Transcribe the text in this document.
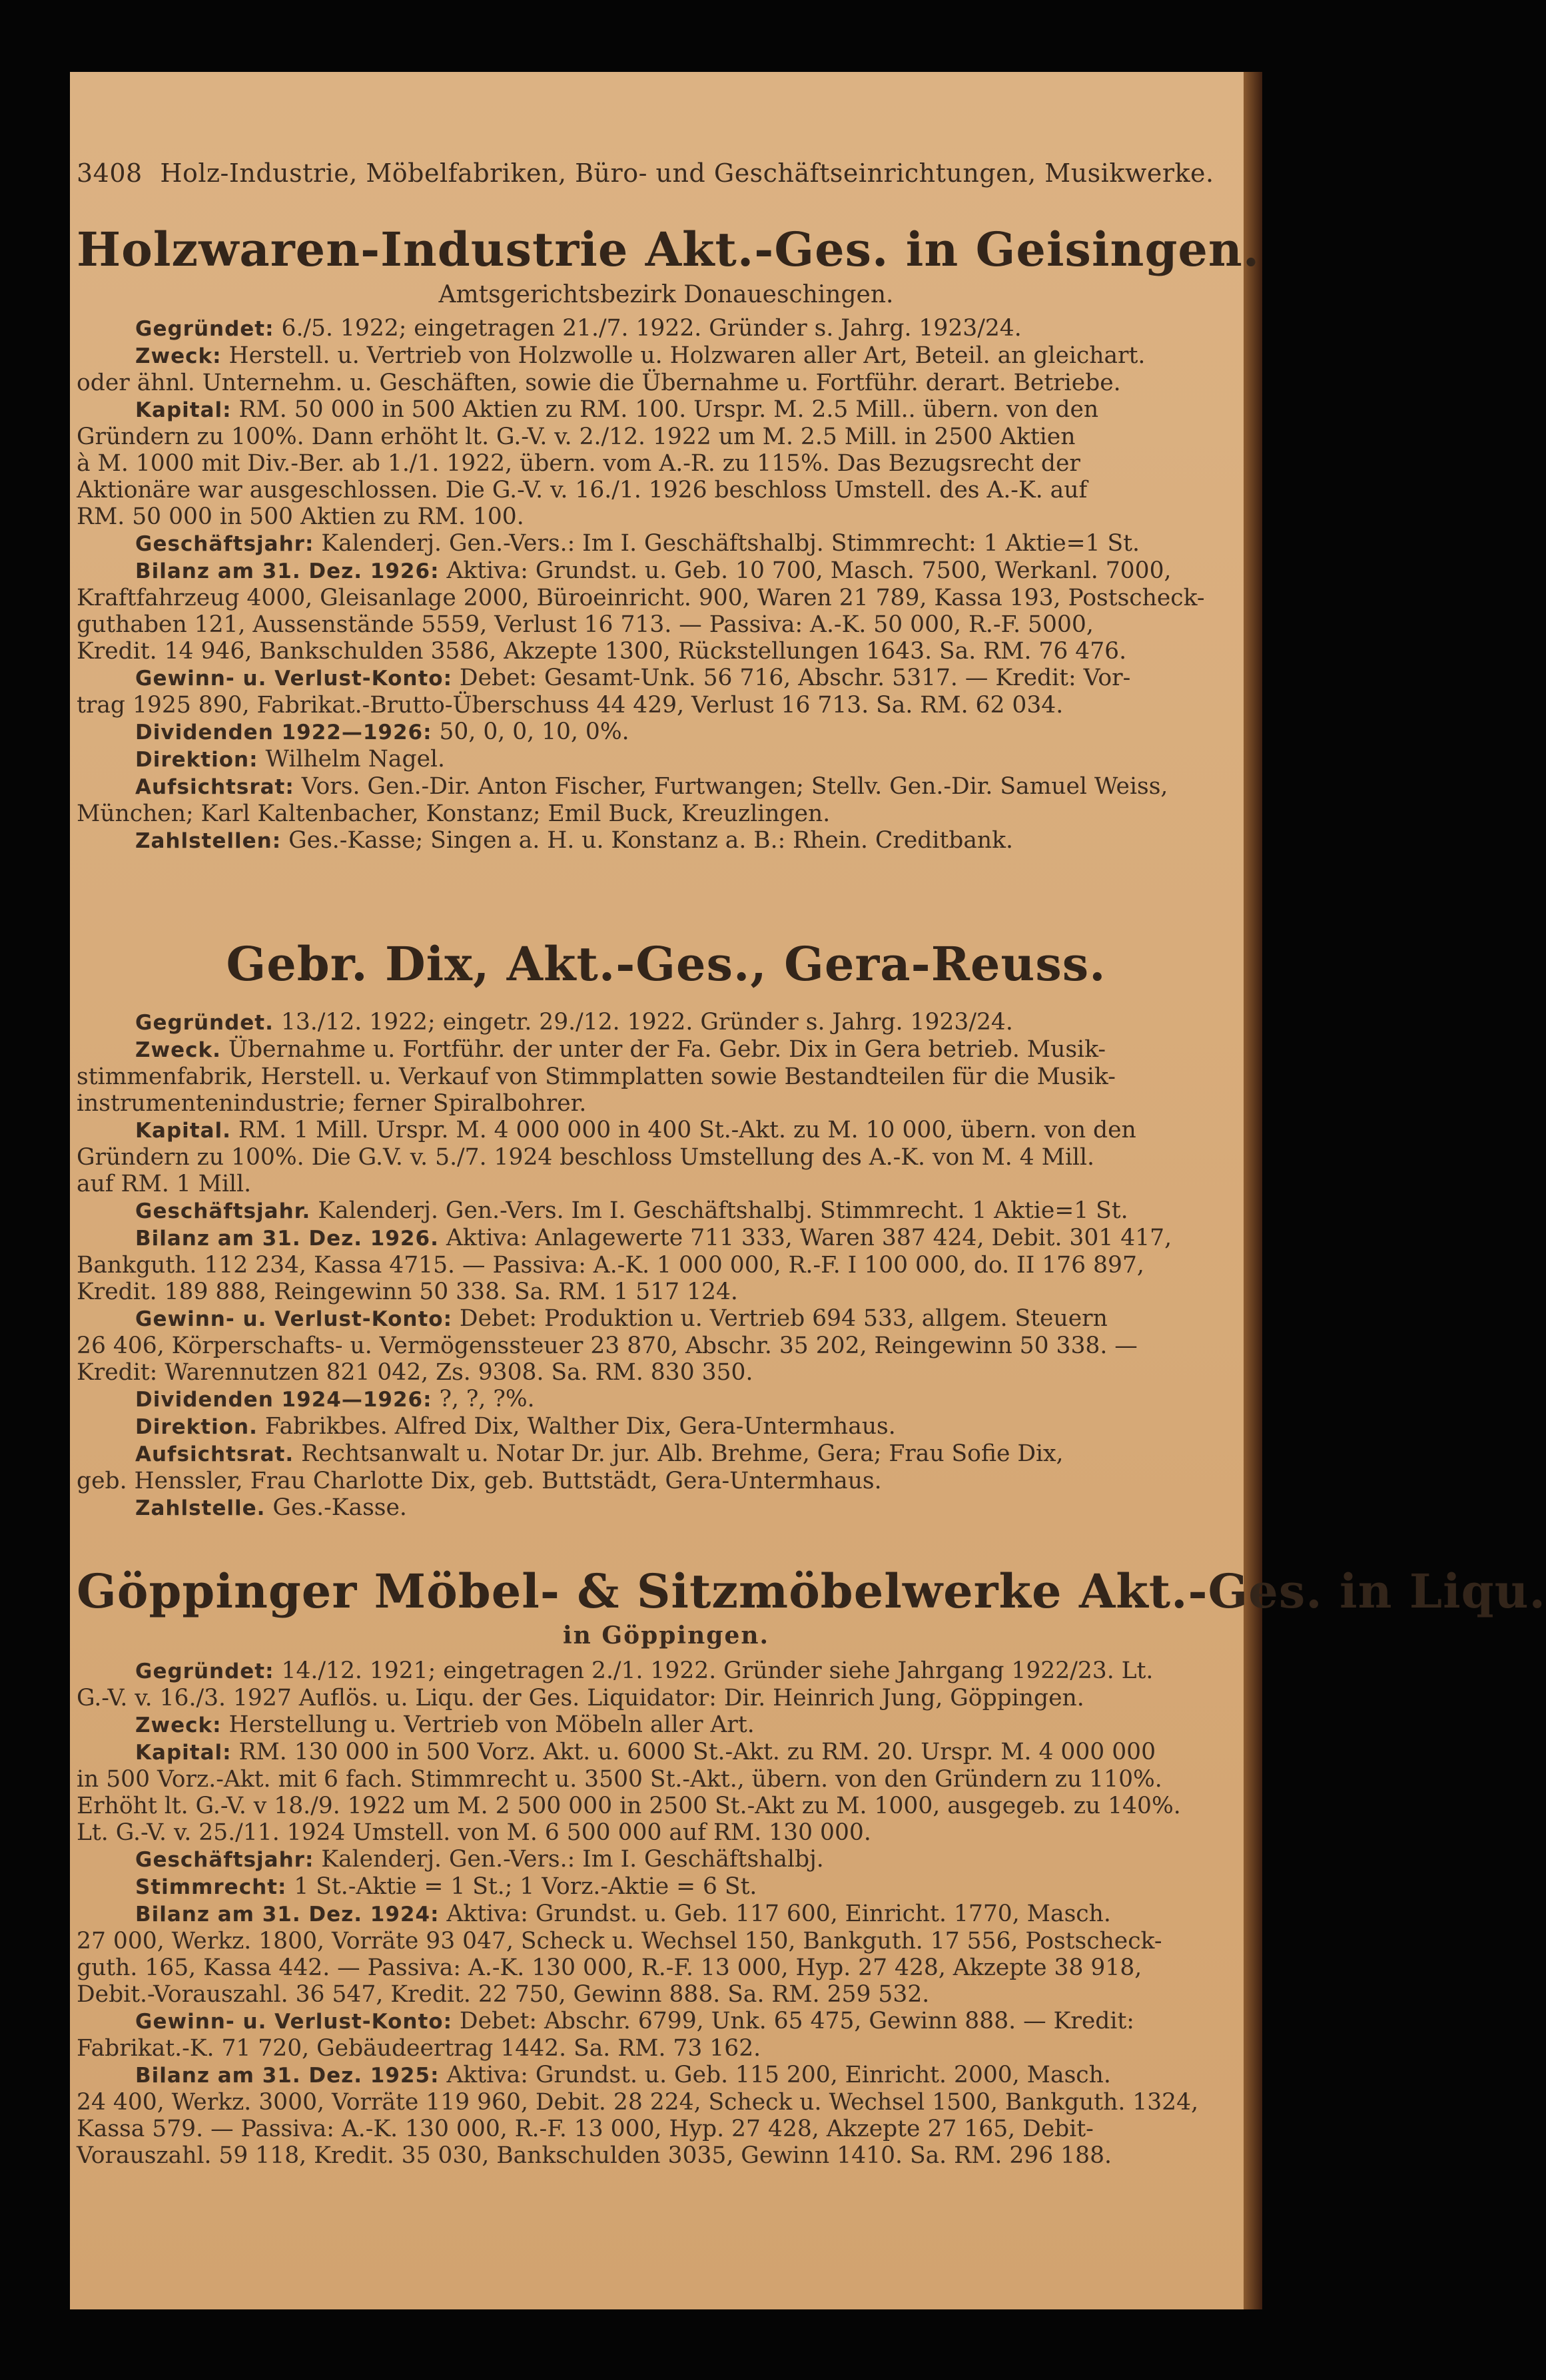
3408 Holz-Industrie, Möbelfabriken, Büro- und Geschäftseinrichtungen, Musikwerke.
Holzwaren-Industrie Akt.-Ges. in Geisingen.

Amtsgerichtsbezirk Donaueschingen.

Gegründet: 6./5. 1922; eingetragen 21./7. 1922. Gründer s. Jahrg. 1923/24.

Zweck: Herstell. u. Vertrieb von Holzwolle u. Holzwaren aller Art, Beteil. an gleichart.

oder ähnl. Unternehm. u. Geschäften, sowie die Übernahme u. Fortführ. derart. Betriebe.

Kapital: RM. 50 000 in 500 Aktien zu RM. 100. Urspr. M. 2.5 Mill.. übern. von den

Gründern zu 100%. Dann erhöht lt. G.-V. v. 2./12. 1922 um M. 2.5 Mill. in 2500 Aktien

à M. 1000 mit Div.-Ber. ab 1./1. 1922, übern. vom A.-R. zu 115%. Das Bezugsrecht der

Aktionäre war ausgeschlossen. Die G.-V. v. 16./1. 1926 beschloss Umstell. des A.-K. auf

RM. 50 000 in 500 Aktien zu RM. 100.

Geschäftsjahr: Kalenderj. Gen.-Vers.: Im I. Geschäftshalbj. Stimmrecht: 1 Aktie=1 St.

Bilanz am 31. Dez. 1926: Aktiva: Grundst. u. Geb. 10 700, Masch. 7500, Werkanl. 7000,

Kraftfahrzeug 4000, Gleisanlage 2000, Büroeinricht. 900, Waren 21 789, Kassa 193, Postscheck-

guthaben 121, Aussenstände 5559, Verlust 16 713. — Passiva: A.-K. 50 000, R.-F. 5000,

Kredit. 14 946, Bankschulden 3586, Akzepte 1300, Rückstellungen 1643. Sa. RM. 76 476.

Gewinn- u. Verlust-Konto: Debet: Gesamt-Unk. 56 716, Abschr. 5317. — Kredit: Vor-

trag 1925 890, Fabrikat.-Brutto-Überschuss 44 429, Verlust 16 713. Sa. RM. 62 034.

Dividenden 1922—1926: 50, 0, 0, 10, 0%.

Direktion: Wilhelm Nagel.

Aufsichtsrat: Vors. Gen.-Dir. Anton Fischer, Furtwangen; Stellv. Gen.-Dir. Samuel Weiss,

München; Karl Kaltenbacher, Konstanz; Emil Buck, Kreuzlingen.

Zahlstellen: Ges.-Kasse; Singen a. H. u. Konstanz a. B.: Rhein. Creditbank.

Gebr. Dix, Akt.-Ges., Gera-Reuss.

Gegründet. 13./12. 1922; eingetr. 29./12. 1922. Gründer s. Jahrg. 1923/24.

Zweck. Übernahme u. Fortführ. der unter der Fa. Gebr. Dix in Gera betrieb. Musik-

stimmenfabrik, Herstell. u. Verkauf von Stimmplatten sowie Bestandteilen für die Musik-

instrumentenindustrie; ferner Spiralbohrer.

Kapital. RM. 1 Mill. Urspr. M. 4 000 000 in 400 St.-Akt. zu M. 10 000, übern. von den

Gründern zu 100%. Die G.V. v. 5./7. 1924 beschloss Umstellung des A.-K. von M. 4 Mill.

auf RM. 1 Mill.

Geschäftsjahr. Kalenderj. Gen.-Vers. Im I. Geschäftshalbj. Stimmrecht. 1 Aktie=1 St.

Bilanz am 31. Dez. 1926. Aktiva: Anlagewerte 711 333, Waren 387 424, Debit. 301 417,

Bankguth. 112 234, Kassa 4715. — Passiva: A.-K. 1 000 000, R.-F. I 100 000, do. II 176 897,

Kredit. 189 888, Reingewinn 50 338. Sa. RM. 1 517 124.

Gewinn- u. Verlust-Konto: Debet: Produktion u. Vertrieb 694 533, allgem. Steuern

26 406, Körperschafts- u. Vermögenssteuer 23 870, Abschr. 35 202, Reingewinn 50 338. —

Kredit: Warennutzen 821 042, Zs. 9308. Sa. RM. 830 350.

Dividenden 1924—1926: ?, ?, ?%.

Direktion. Fabrikbes. Alfred Dix, Walther Dix, Gera-Untermhaus.

Aufsichtsrat. Rechtsanwalt u. Notar Dr. jur. Alb. Brehme, Gera; Frau Sofie Dix,

geb. Henssler, Frau Charlotte Dix, geb. Buttstädt, Gera-Untermhaus.

Zahlstelle. Ges.-Kasse.

Göppinger Möbel- & Sitzmöbelwerke Akt.-Ges. in Liqu.

in Göppingen.

Gegründet: 14./12. 1921; eingetragen 2./1. 1922. Gründer siehe Jahrgang 1922/23. Lt.

G.-V. v. 16./3. 1927 Auflös. u. Liqu. der Ges. Liquidator: Dir. Heinrich Jung, Göppingen.

Zweck: Herstellung u. Vertrieb von Möbeln aller Art.

Kapital: RM. 130 000 in 500 Vorz. Akt. u. 6000 St.-Akt. zu RM. 20. Urspr. M. 4 000 000

in 500 Vorz.-Akt. mit 6 fach. Stimmrecht u. 3500 St.-Akt., übern. von den Gründern zu 110%.

Erhöht lt. G.-V. v 18./9. 1922 um M. 2 500 000 in 2500 St.-Akt zu M. 1000, ausgegeb. zu 140%.

Lt. G.-V. v. 25./11. 1924 Umstell. von M. 6 500 000 auf RM. 130 000.

Geschäftsjahr: Kalenderj. Gen.-Vers.: Im I. Geschäftshalbj.

Stimmrecht: 1 St.-Aktie = 1 St.; 1 Vorz.-Aktie = 6 St.

Bilanz am 31. Dez. 1924: Aktiva: Grundst. u. Geb. 117 600, Einricht. 1770, Masch.

27 000, Werkz. 1800, Vorräte 93 047, Scheck u. Wechsel 150, Bankguth. 17 556, Postscheck-

guth. 165, Kassa 442. — Passiva: A.-K. 130 000, R.-F. 13 000, Hyp. 27 428, Akzepte 38 918,

Debit.-Vorauszahl. 36 547, Kredit. 22 750, Gewinn 888. Sa. RM. 259 532.

Gewinn- u. Verlust-Konto: Debet: Abschr. 6799, Unk. 65 475, Gewinn 888. — Kredit:

Fabrikat.-K. 71 720, Gebäudeertrag 1442. Sa. RM. 73 162.

Bilanz am 31. Dez. 1925: Aktiva: Grundst. u. Geb. 115 200, Einricht. 2000, Masch.

24 400, Werkz. 3000, Vorräte 119 960, Debit. 28 224, Scheck u. Wechsel 1500, Bankguth. 1324,

Kassa 579. — Passiva: A.-K. 130 000, R.-F. 13 000, Hyp. 27 428, Akzepte 27 165, Debit-

Vorauszahl. 59 118, Kredit. 35 030, Bankschulden 3035, Gewinn 1410. Sa. RM. 296 188.
